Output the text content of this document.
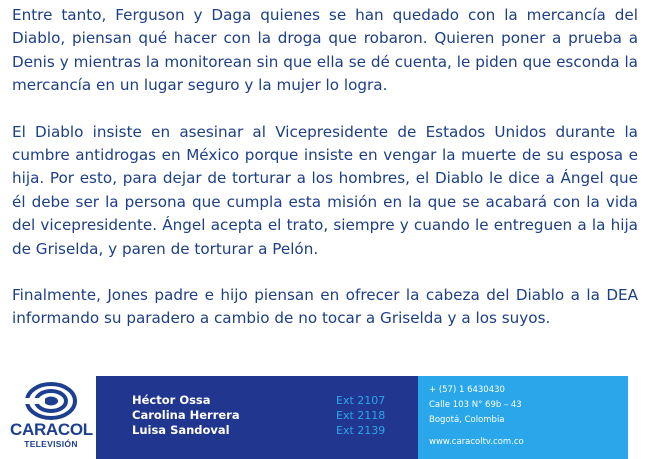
Entre tanto, Ferguson y Daga quienes se han quedado con la mercancía del Diablo, piensan qué hacer con la droga que robaron. Quieren poner a prueba a Denis y mientras la monitorean sin que ella se dé cuenta, le piden que esconda la mercancía en un lugar seguro y la mujer lo logra.

El Diablo insiste en asesinar al Vicepresidente de Estados Unidos durante la cumbre antidrogas en México porque insiste en vengar la muerte de su esposa e hija. Por esto, para dejar de torturar a los hombres, el Diablo le dice a Ángel que él debe ser la persona que cumpla esta misión en la que se acabará con la vida del vicepresidente. Ángel acepta el trato, siempre y cuando le entreguen a la hija de Griselda, y paren de torturar a Pelón.

Finalmente, Jones padre e hijo piensan en ofrecer la cabeza del Diablo a la DEA informando su paradero a cambio de no tocar a Griselda y a los suyos.

CARACOL
TELEVISIÓN
Héctor Ossa
Carolina Herrera
Luisa Sandoval
Ext 2107
Ext 2118
Ext 2139
+ (57) 1 6430430
Calle 103 N° 69b – 43
Bogotá, Colombia
www.caracoltv.com.co
